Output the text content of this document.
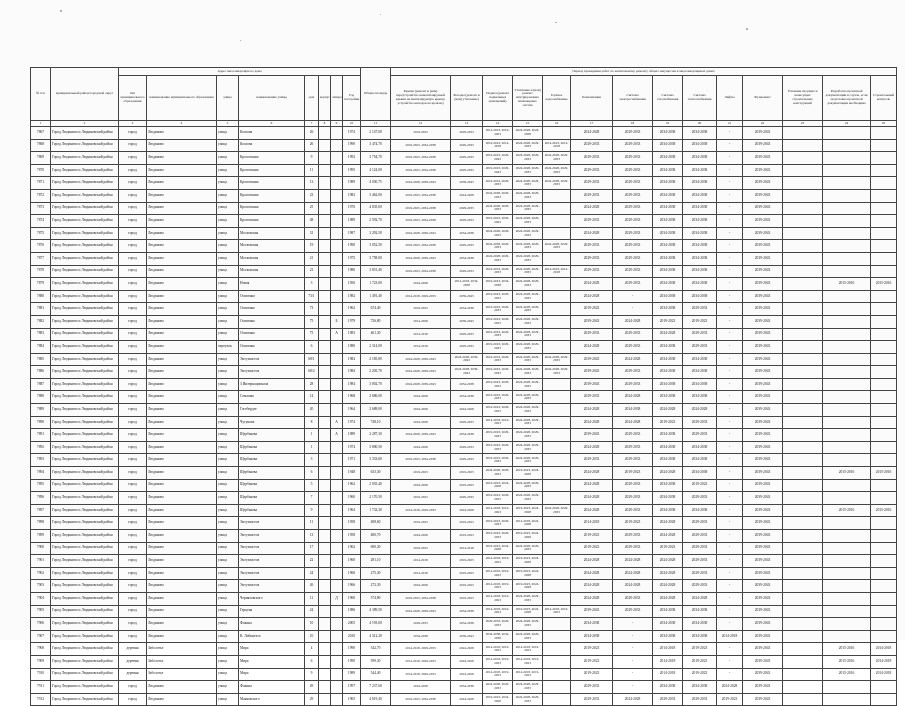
№ п/п	муниципальный район/городской округ	Адрес многоквартирного дома								Общая площадь	Период проведения работ по капитальному ремонту общего имущества в многоквартирных домах													
		тип муниципального образования	наименование муниципального образования	улица	наименование улицы	дом	корпус	литера	Год постройки		Крыша (ремонт и (или) переустройство невентилируемой крыши на вентилируемую крышу, устройство выходов на кровлю)	Фасады (ремонт и (или) утепление)	Подвал (ремонт подвальных помещений)	Утепление и (или) ремонт внутридомовых инженерных систем	Горячее водоснабжение	Канализация	Система электроснабжения	Система газоснабжения	Система теплоснабжения	Лифты	Фундамент	Усиление несущих и ненесущих строительных конструкций	Разработка проектной документации в случае, если подготовка проектной документации необходима	Строительный контроль
1	2	3	4	5	6	7	8	9	10	11	12	13	14	15	16	17	18	19	20	21	22	23	24	25
7867	Город Людиново и Людиновский район	город	Людиново	улица	Козлова	26			1974	2 147,00	2019-2023	2029-2033	2014-2023, 2019-2023	2024-2028, 2024-2028		2024-2028	2029-2033	2034-2038	2034-2038	-	2039-2043			
7868	Город Людиново и Людиновский район	город	Людиново	улица	Козлова	26			1990	3 474,70	2019-2023, 2034-2038	2029-2033	2019-2023, 2014-2018	2024-2028, 2029-2033	2014-2023, 2014-2018	2029-2033	2029-2033	2034-2038	2034-2038	-	2039-2043			
7869	Город Людиново и Людиновский район	город	Людиново	улица	Кропоткина	9			1992	3 754,70	2019-2023, 2034-2038	2029-2033	2019-2023, 2029-2043	2024-2028, 2029-2033	2024-2028, 2029-2033	2029-2033	2029-2033	2034-2038	2034-2038	-	2039-2043			
7870	Город Людиново и Людиновский район	город	Людиново	улица	Кропоткина	11			1995	4 124,00	2019-2023, 2034-2038	2029-2033	2019-2023, 2029-2043	2024-2028, 2029-2033	2024-2028, 2029-2033	2029-2033	2029-2033	2034-2038	2034-2038	-	2039-2043			
7871	Город Людиново и Людиновский район	город	Людиново	улица	Кропоткина	13			1989	4 030,75	2024-2028, 2039-2043	2039-2043	2019-2023, 2029-2033	2024-2028, 2029-2033	2024-2028, 2029-2033	2029-2033	2029-2033	2034-2038	2034-2038	-	2039-2043			
7872	Город Людиново и Людиновский район	город	Людиново	улица	Кропоткина	23			1982	3 462,00	2019-2023, 2034-2038	2024-2028	2024-2028, 2029-2033	2024-2028, 2029-2033		2029-2033	2029-2033	2034-2038	2034-2038	-	2039-2043			
7873	Город Людиново и Людиновский район	город	Людиново	улица	Кропоткина	25			1976	4 035,00	2019-2023, 2034-2038	2029-2033	2024-2028, 2029-2033	2024-2028, 2029-2033		2024-2028	2029-2033	2034-2038	2034-2038	-	2039-2043			
7874	Город Людиново и Людиновский район	город	Людиново	улица	Кропоткина	48			1989	2 592,70	2019-2023, 2034-2038	2029-2033	2019-2023, 2029-2043	2024-2028, 2029-2033		2029-2033	2029-2033	2034-2038	2034-2038	-	2039-2043			
7875	Город Людиново и Людиновский район	город	Людиново	улица	Московская	31			1987	3 292,50	2024-2028, 2039-2043	2034-2038	2024-2028, 2029-2033	2024-2028, 2029-2033		2024-2028	2029-2033	2034-2038	2034-2038	-	2039-2043			
7876	Город Людиново и Людиновский район	город	Людиново	улица	Московская	19			1990	3 052,50	2019-2023, 2034-2038	2029-2033	2024-2028, 2029-2033	2024-2028, 2029-2033	2024-2028, 2029-2033	2029-2033	2029-2033	2034-2038	2034-2038	-	2039-2043			
7877	Город Людиново и Людиновский район	город	Людиново	улица	Московская	21			1975	3 758,00	2024-2028, 2039-2043	2034-2038	2024-2028, 2029-2033	2024-2028, 2029-2033		2029-2033	2029-2033	2034-2038	2034-2038	-	2039-2043			
7878	Город Людиново и Людиновский район	город	Людиново	улица	Московская	23			1980	3 831,40	2019-2023, 2034-2038	2029-2033	2019-2023, 2029-2033	2024-2028, 2029-2033	2014-2023, 2014-2018	2029-2033	2029-2033	2034-2038	2034-2038	-	2039-2043			
7879	Город Людиново и Людиновский район	город	Людиново	улица	Новая	3			1956	1 723,00	2024-2028	2014-2018, 2034-2038	2019-2023, 2034-2038	2024-2028, 2029-2033		2024-2028	2029-2033	2034-2038	2034-2038	-	2039-2043		2015-2016	2015-2016
7880	Город Людиново и Людиновский район	город	Людиново	улица	Осипенко	73/1			1982	1 491,40	2014-2018, 2029-2033	2039-2043	2019-2023, 2029-2033	2024-2028, 2029-2033		2024-2028	-	2034-2038	2034-2038	-	2039-2043			
7881	Город Людиново и Людиновский район	город	Людиново	улица	Осипенко	73			1962	674,40	2019-2023	2034-2038	2019-2023, 2029-2033	2024-2028, 2029-2033		2019-2023	-	2034-2038	2029-2033	-	2039-2043			
7882	Город Людиново и Людиновский район	город	Людиново	улица	Осипенко	75		Б	1979	726,80	2014-2028	2039-2043	2019-2023, 2029-2033	2024-2028, 2029-2033		2039-2043	2024-2028	2019-2023	2019-2023	-	2039-2043			
7883	Город Людиново и Людиновский район	город	Людиново	улица	Осипенко	75		А	1983	461,30	2014-2018	2029-2033	2019-2023, 2029-2033	2024-2028, 2029-2033		2029-2033	2029-2033	2024-2028	2029-2033	-	2039-2043			
7884	Город Людиново и Людиновский район	город	Людиново	переулок	Осипенко	6			1980	2 314,00	2014-2018	2029-2033	2019-2023, 2029-2033	2024-2028, 2029-2033		2024-2028	2029-2033	2034-2038	2029-2033	-	2039-2043			
7885	Город Людиново и Людиновский район	город	Людиново	улица	Энтузиастов	68/1			1982	2 185,80	2024-2028, 2039-2043	2024-2028, 2039-2043	2019-2023, 2029-2033	2024-2028, 2029-2033	2024-2028, 2029-2033	2039-2043	2024-2028	2034-2038	2034-2038	-	2039-2043			
7886	Город Людиново и Людиновский район	город	Людиново	улица	Энтузиастов	68/2			1984	2 205,70	2024-2028, 2039-2043	2024-2028, 2039-2043	2019-2023, 2029-2033	2024-2028, 2029-2033	2024-2028, 2029-2033	2039-2043	2029-2033	2034-2038	2034-2038	-	2039-2043			
7887	Город Людиново и Людиновский район	город	Людиново	улица	3 Интернационала	28			1984	3 802,70	2024-2028, 2039-2043	2034-2038	2019-2023, 2029-2033	2024-2028, 2029-2033		2039-2043	2029-2033	2034-2038	2034-2038	-	2039-2043			
7888	Город Людиново и Людиновский район	город	Людиново	улица	Семашко	14			1968	2 686,00	2024-2028	2034-2038	2019-2023, 2029-2033	2024-2028, 2029-2033		2029-2033	2024-2028	2034-2038	2034-2038	-	2039-2043			
7889	Город Людиново и Людиновский район	город	Людиново	улица	Гогебердзе	20			1964	2 688,00	2024-2028	2024-2028	2019-2023, 2029-2033	2024-2028, 2029-2033		2024-2028	2034-2038	2024-2028	2024-2028	-	2039-2043			
7890	Город Людиново и Людиновский район	город	Людиново	улица	Чугунова	8		А	1974	748,10	2024-2028	2029-2033	2014-2018, 2019-2023	2024-2028, 2029-2033		2024-2028	2024-2028	2019-2023	2029-2033	-	2039-2043			
7891	Город Людиново и Людиновский район	город	Людиново	улица	Щербакова	1		А	1989	2 287,30	2024-2028, 2039-2043	2034-2038	2019-2023, 2029-2033	2024-2028, 2029-2033		2039-2043	2029-2033	2034-2038	2029-2033	-	2039-2043			
7892	Город Людиново и Людиновский район	город	Людиново	улица	Щербакова	1			1974	3 800,50	2024-2028	2029-2033	2019-2023, 2029-2033	2024-2028, 2029-2033		2024-2028	2029-2033	2034-2038	2034-2038	-	2039-2043			
7893	Город Людиново и Людиновский район	город	Людиново	улица	Щербакова	3			1971	3 333,60	2019-2023, 2034-2038	2029-2033	2019-2023, 2029-2033	2024-2028, 2029-2033		2029-2033	2029-2033	2034-2038	2034-2038	-	2039-2043			
7894	Город Людиново и Людиновский район	город	Людиново	улица	Щербакова	6			1948	633,30	2019-2023	2019-2023	2024-2028, 2029-2033	2019-2023, 2024-2028		2024-2028	2019-2023	2024-2028	2034-2038	-	2039-2043		2015-2016	2015-2016
7895	Город Людиново и Людиновский район	город	Людиново	улица	Щербакова	5			1962	2 035,40	2024-2028	2019-2023	2019-2023, 2024-2028	2024-2028, 2029-2033		2024-2028	2029-2033	2034-2038	2019-2023	-	2039-2043			
7896	Город Людиново и Людиновский район	город	Людиново	улица	Щербакова	7			1960	2 170,50	2019-2023	2029-2033	2019-2023, 2029-2033	2024-2028, 2029-2033		2024-2028	2029-2033	2034-2038	2029-2033	-	2039-2043			
7897	Город Людиново и Людиновский район	город	Людиново	улица	Щербакова	9			1964	1 732,30	2014-2018, 2029-2033	2024-2028	2014-2018, 2019-2023	2019-2023, 2024-2028	2024-2028, 2029-2033	2024-2028	2029-2033	2034-2038	2034-2038	-	2039-2043		2015-2016	2015-2016
7898	Город Людиново и Людиновский район	город	Людиново	улица	Энтузиастов	11			1958	408,60	2019-2023	2019-2023	2019-2023, 2029-2033	2014-2018, 2024-2028		2014-2018	2019-2023	2024-2028	2029-2033	-	2039-2043			
7899	Город Людиново и Людиновский район	город	Людиново	улица	Энтузиастов	13			1958	480,70	2024-2028	2019-2023	2019-2023, 2029-2033	2019-2023, 2024-2028		2019-2023	2029-2033	2024-2028	2029-2033	-	2039-2043			
7900	Город Людиново и Людиновский район	город	Людиново	улица	Энтузиастов	17			1962	690,30	2019-2023	2014-2018	2019-2023, 2024-2028	2024-2028, 2029-2033		2019-2023	2029-2033	2019-2023	2029-2033	-	2039-2043			
7901	Город Людиново и Людиновский район	город	Людиново	улица	Энтузиастов	22			1960	281,10	2014-2018	2019-2023	2014-2018, 2019-2023	2019-2023, 2024-2028		2024-2028	2024-2028	2024-2028	2029-2033	-	2039-2043			
7902	Город Людиново и Людиновский район	город	Людиново	улица	Энтузиастов	24			1966	275,30	2014-2018	2019-2023	2014-2018, 2019-2023	2019-2023, 2024-2028		2024-2028	2024-2028	2024-2028	2029-2033	-	2039-2043			
7903	Город Людиново и Людиновский район	город	Людиново	улица	Энтузиастов	26			1966	272,30	2024-2028	2019-2023	2014-2018, 2019-2023	2019-2023, 2024-2028		2024-2028	2024-2028	2024-2028	2029-2033	-	2039-2043			
7904	Город Людиново и Людиновский район	город	Людиново	улица	Черняховского	11		Д	1960	574,80	2019-2023, 2034-2038	2019-2023	2014-2018, 2019-2023	2024-2028, 2029-2033		2024-2028	2029-2033	2024-2028	2024-2028	-	2039-2043			
7905	Город Людиново и Людиновский район	город	Людиново	улица	Герцена	24			1986	4 389,50	2024-2028, 2039-2043	2034-2038	2014-2018, 2019-2023	2019-2023, 2024-2028	2014-2018, 2019-2023	2039-2043	2029-2033	2034-2038	2034-2038	-	2039-2043			
7906	Город Людиново и Людиновский район	город	Людиново	улица	Фокина	10			2005	4 193,00	2029-2033	2034-2038	2029-2033, 2029-2033	2024-2028, 2029-2033		2034-2038	-	2034-2038	2034-2038	-	2039-2043			
7907	Город Людиново и Людиновский район	город	Людиново	улица	К. Либкнехта	10			2010	4 312,20	2034-2038	2039-2043	2034-2038, 2034-2038	2024-2028, 2029-2033		2034-2038	-	2034-2038	2034-2038	2014-2018	2039-2043			
7908	Город Людиново и Людиновский район	деревня	Заболотье	улица	Мира	4			1990	542,70	2014-2018, 2029-2033	2024-2028	2014-2018, 2019-2023	2014-2018, 2019-2023		2019-2023	-	2014-2018	2019-2023	-	2039-2043		2015-2016	2014-2018
7909	Город Людиново и Людиновский район	деревня	Заболотье	улица	Мира	6			1990	599,30	2014-2018, 2029-2033	2024-2028	2014-2018, 2019-2023	2014-2018, 2019-2023		2019-2023	-	2014-2018	2019-2023	-	2039-2043		2015-2016	2014-2018
7910	Город Людиново и Людиновский район	деревня	Заболотье	улица	Мира	9			1989	544,40	2014-2018, 2029-2033	2024-2028	2014-2018, 2019-2023	2014-2018, 2019-2023		2019-2023	-	2014-2018	2019-2023	-	2039-2043		2015-2016	2014-2018
7911	Город Людиново и Людиновский район	город	Людиново	улица	Фокина	49			1997	7 237,60	2024-2028	2034-2038	2024-2028, 2029-2033	2024-2028, 2029-2033		2029-2033	-	2034-2038	2034-2038	2024-2028	2039-2043			
7912	Город Людиново и Людиновский район	город	Людиново	улица	Маяковского	29			1965	4 619,40	2019-2023, 2034-2038	2024-2028	2019-2023, 2024-2028	2024-2028, 2029-2033		2029-2033	2024-2028	2029-2033	2029-2033	2019-2023	2039-2043			
